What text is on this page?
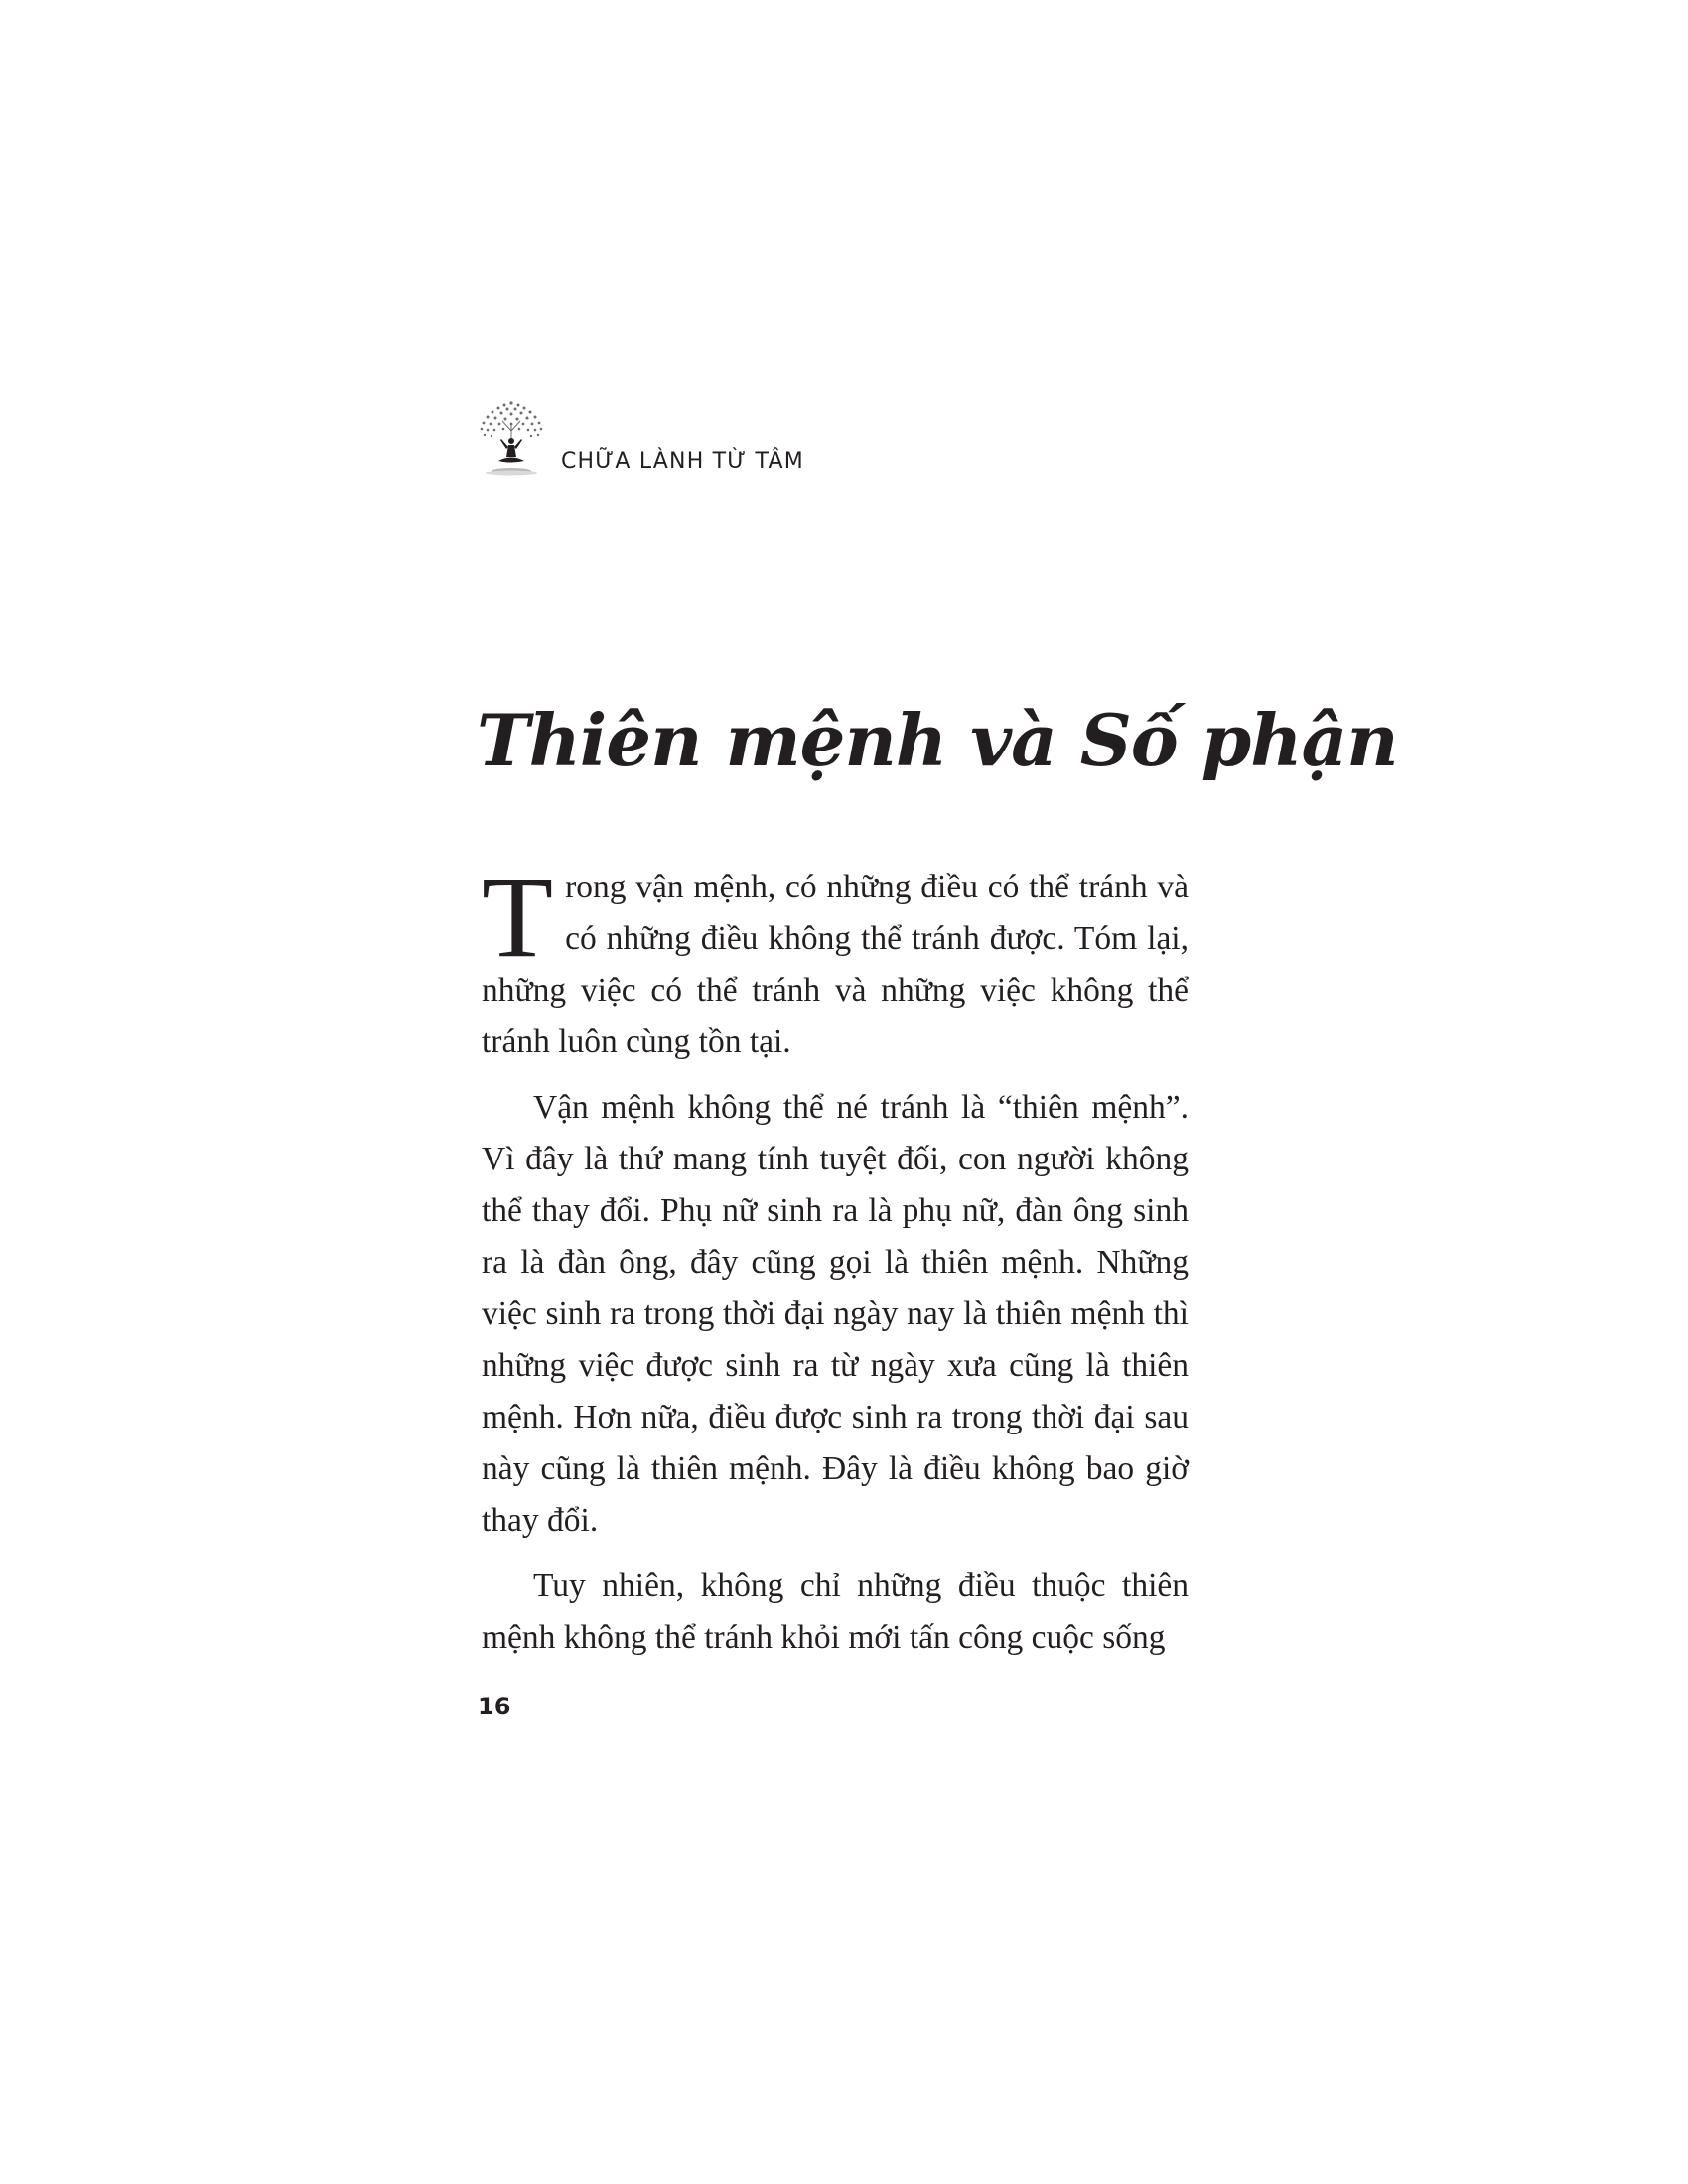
CHỮA LÀNH TỪ TÂM
Thiên mệnh và Số phận

Trong vận mệnh, có những điều có thể tránh và có những điều không thể tránh được. Tóm lại, những việc có thể tránh và những việc không thể tránh luôn cùng tồn tại.

Vận mệnh không thể né tránh là “thiên mệnh”. Vì đây là thứ mang tính tuyệt đối, con người không thể thay đổi. Phụ nữ sinh ra là phụ nữ, đàn ông sinh ra là đàn ông, đây cũng gọi là thiên mệnh. Những việc sinh ra trong thời đại ngày nay là thiên mệnh thì những việc được sinh ra từ ngày xưa cũng là thiên mệnh. Hơn nữa, điều được sinh ra trong thời đại sau này cũng là thiên mệnh. Đây là điều không bao giờ thay đổi.

Tuy nhiên, không chỉ những điều thuộc thiên mệnh không thể tránh khỏi mới tấn công cuộc sống

16
